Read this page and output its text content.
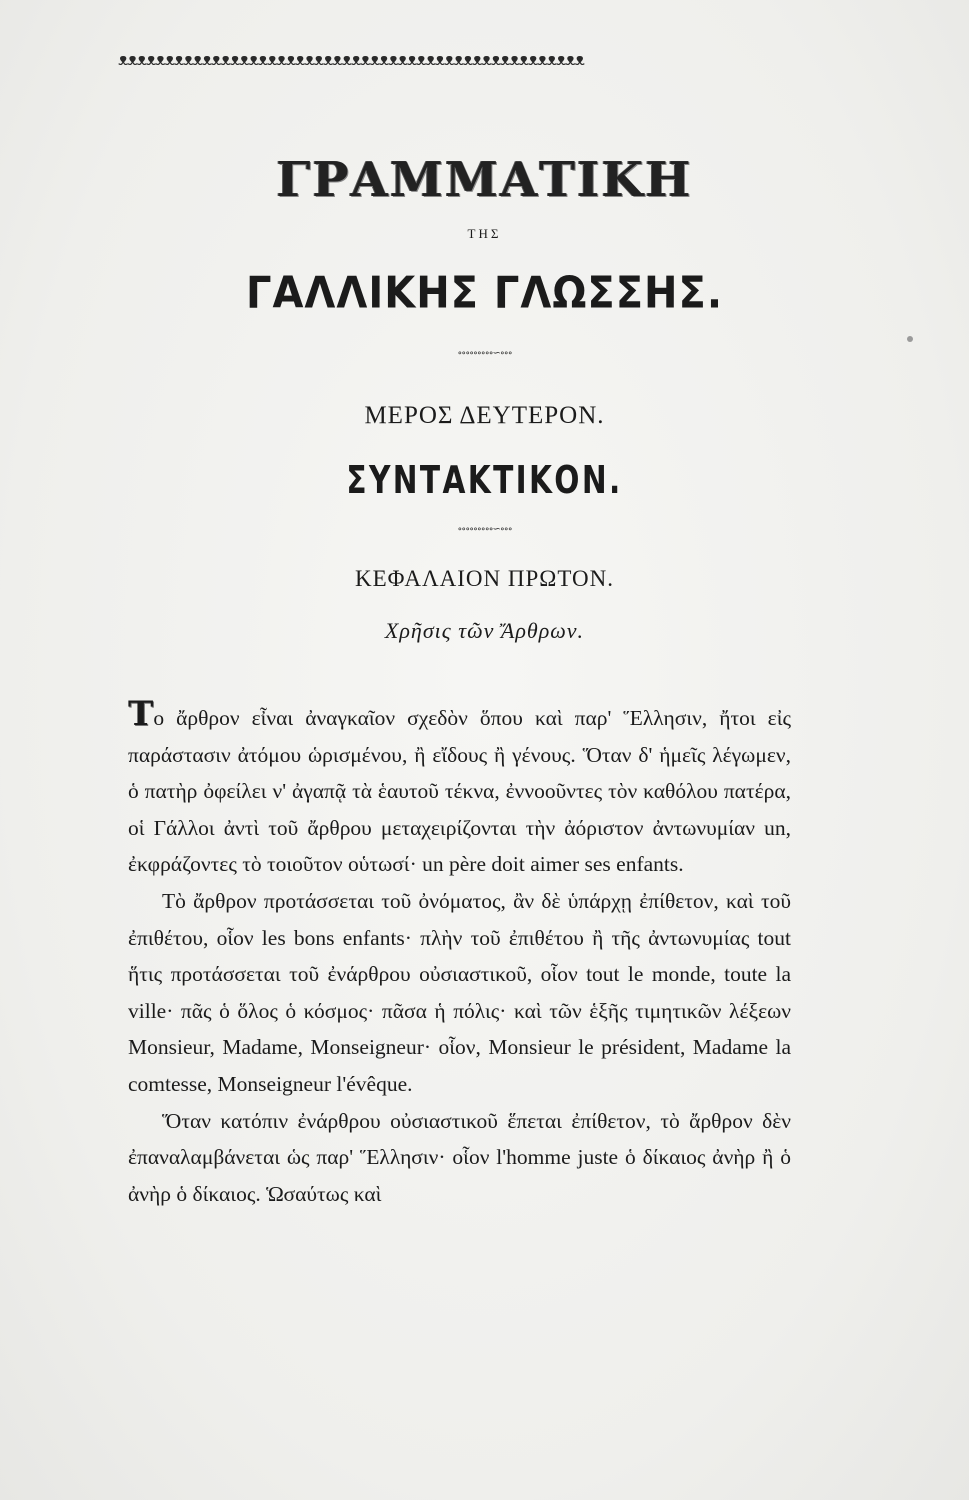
ᴥᴥᴥᴥᴥᴥᴥᴥᴥᴥᴥᴥᴥᴥᴥᴥᴥᴥᴥᴥᴥᴥᴥᴥᴥᴥᴥᴥᴥᴥᴥᴥᴥᴥᴥᴥᴥᴥᴥᴥᴥᴥᴥᴥᴥᴥᴥᴥᴥᴥ
ΓΡΑΜΜΑΤΙΚΗ
ΤΗΣ
ΓΑΛΛΙΚΗΣ ΓΛΩΣΣΗΣ.
∘∘∘∘∘∘∘∘∘∽∘∘∘
ΜΕΡΟΣ ΔΕΥΤΕΡΟΝ.
ΣΥΝΤΑΚΤΙΚΟΝ.
∘∘∘∘∘∘∘∘∘∽∘∘∘
ΚΕΦΑΛΑΙΟΝ ΠΡΩΤΟΝ.
Χρῆσις τῶν Ἄρθρων.

Το ἄρθρον εἶναι ἀναγκαῖον σχεδὸν ὅπου καὶ παρ' Ἕλλησιν, ἤτοι εἰς παράστασιν ἀτόμου ὡρισμένου, ἢ εἴδους ἢ γένους. Ὅταν δ' ἡμεῖς λέγωμεν, ὁ πατὴρ ὀφείλει ν' ἀγαπᾷ τὰ ἑαυτοῦ τέκνα, ἐννοοῦντες τὸν καθόλου πατέρα, οἱ Γάλλοι ἀντὶ τοῦ ἄρθρου μεταχειρίζονται τὴν ἀόριστον ἀντωνυμίαν un, ἐκφράζοντες τὸ τοιοῦτον οὑτωσί· un père doit aimer ses enfants.

Τὸ ἄρθρον προτάσσεται τοῦ ὀνόματος, ἂν δὲ ὑπάρχῃ ἐπίθετον, καὶ τοῦ ἐπιθέτου, οἷον les bons enfants· πλὴν τοῦ ἐπιθέτου ἢ τῆς ἀντωνυμίας tout ἥτις προτάσσεται τοῦ ἐνάρθρου οὐσιαστικοῦ, οἷον tout le monde, toute la ville· πᾶς ὁ ὅλος ὁ κόσμος· πᾶσα ἡ πόλις· καὶ τῶν ἑξῆς τιμητικῶν λέξεων Monsieur, Madame, Monseigneur· οἷον, Monsieur le président, Madame la comtesse, Monseigneur l'évêque.

Ὅταν κατόπιν ἐνάρθρου οὐσιαστικοῦ ἕπεται ἐπίθετον, τὸ ἄρθρον δὲν ἐπαναλαμβάνεται ὡς παρ' Ἕλλησιν· οἷον l'homme juste ὁ δίκαιος ἀνὴρ ἢ ὁ ἀνὴρ ὁ δίκαιος. Ὡσαύτως καὶ
